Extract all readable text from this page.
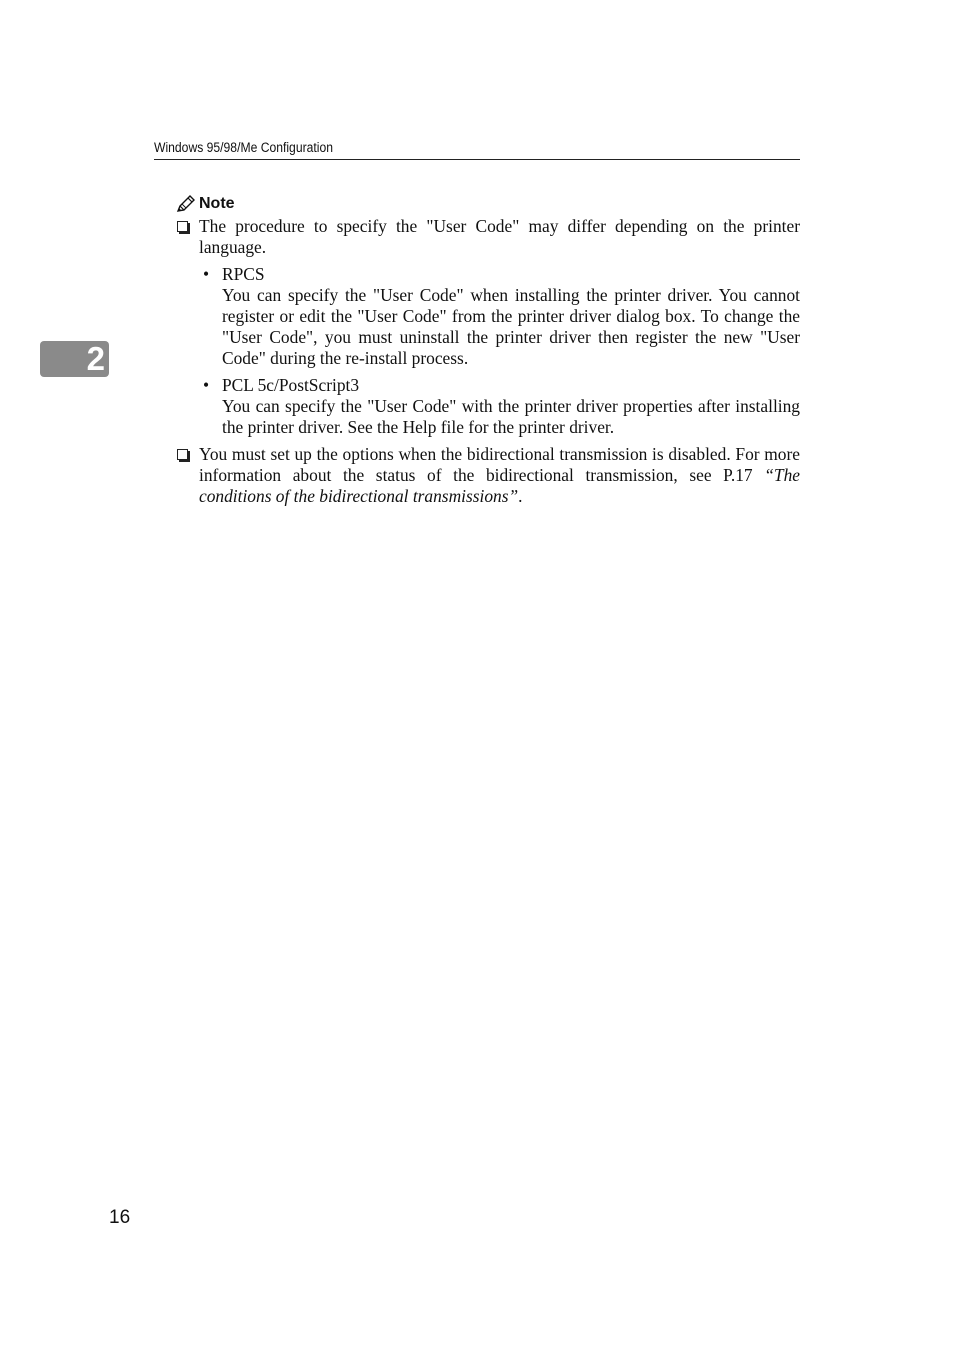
Windows 95/98/Me Configuration
2
Note
The procedure to specify the "User Code" may differ depending on the printer language.
• RPCS
You can specify the "User Code" when installing the printer driver. You cannot register or edit the "User Code" from the printer driver dialog box. To change the "User Code", you must uninstall the printer driver then register the new "User Code" during the re-install process.
• PCL 5c/PostScript3
You can specify the "User Code" with the printer driver properties after installing the printer driver. See the Help file for the printer driver.
You must set up the options when the bidirectional transmission is disabled. For more information about the status of the bidirectional transmission, see P.17 “The conditions of the bidirectional transmissions”.
16
